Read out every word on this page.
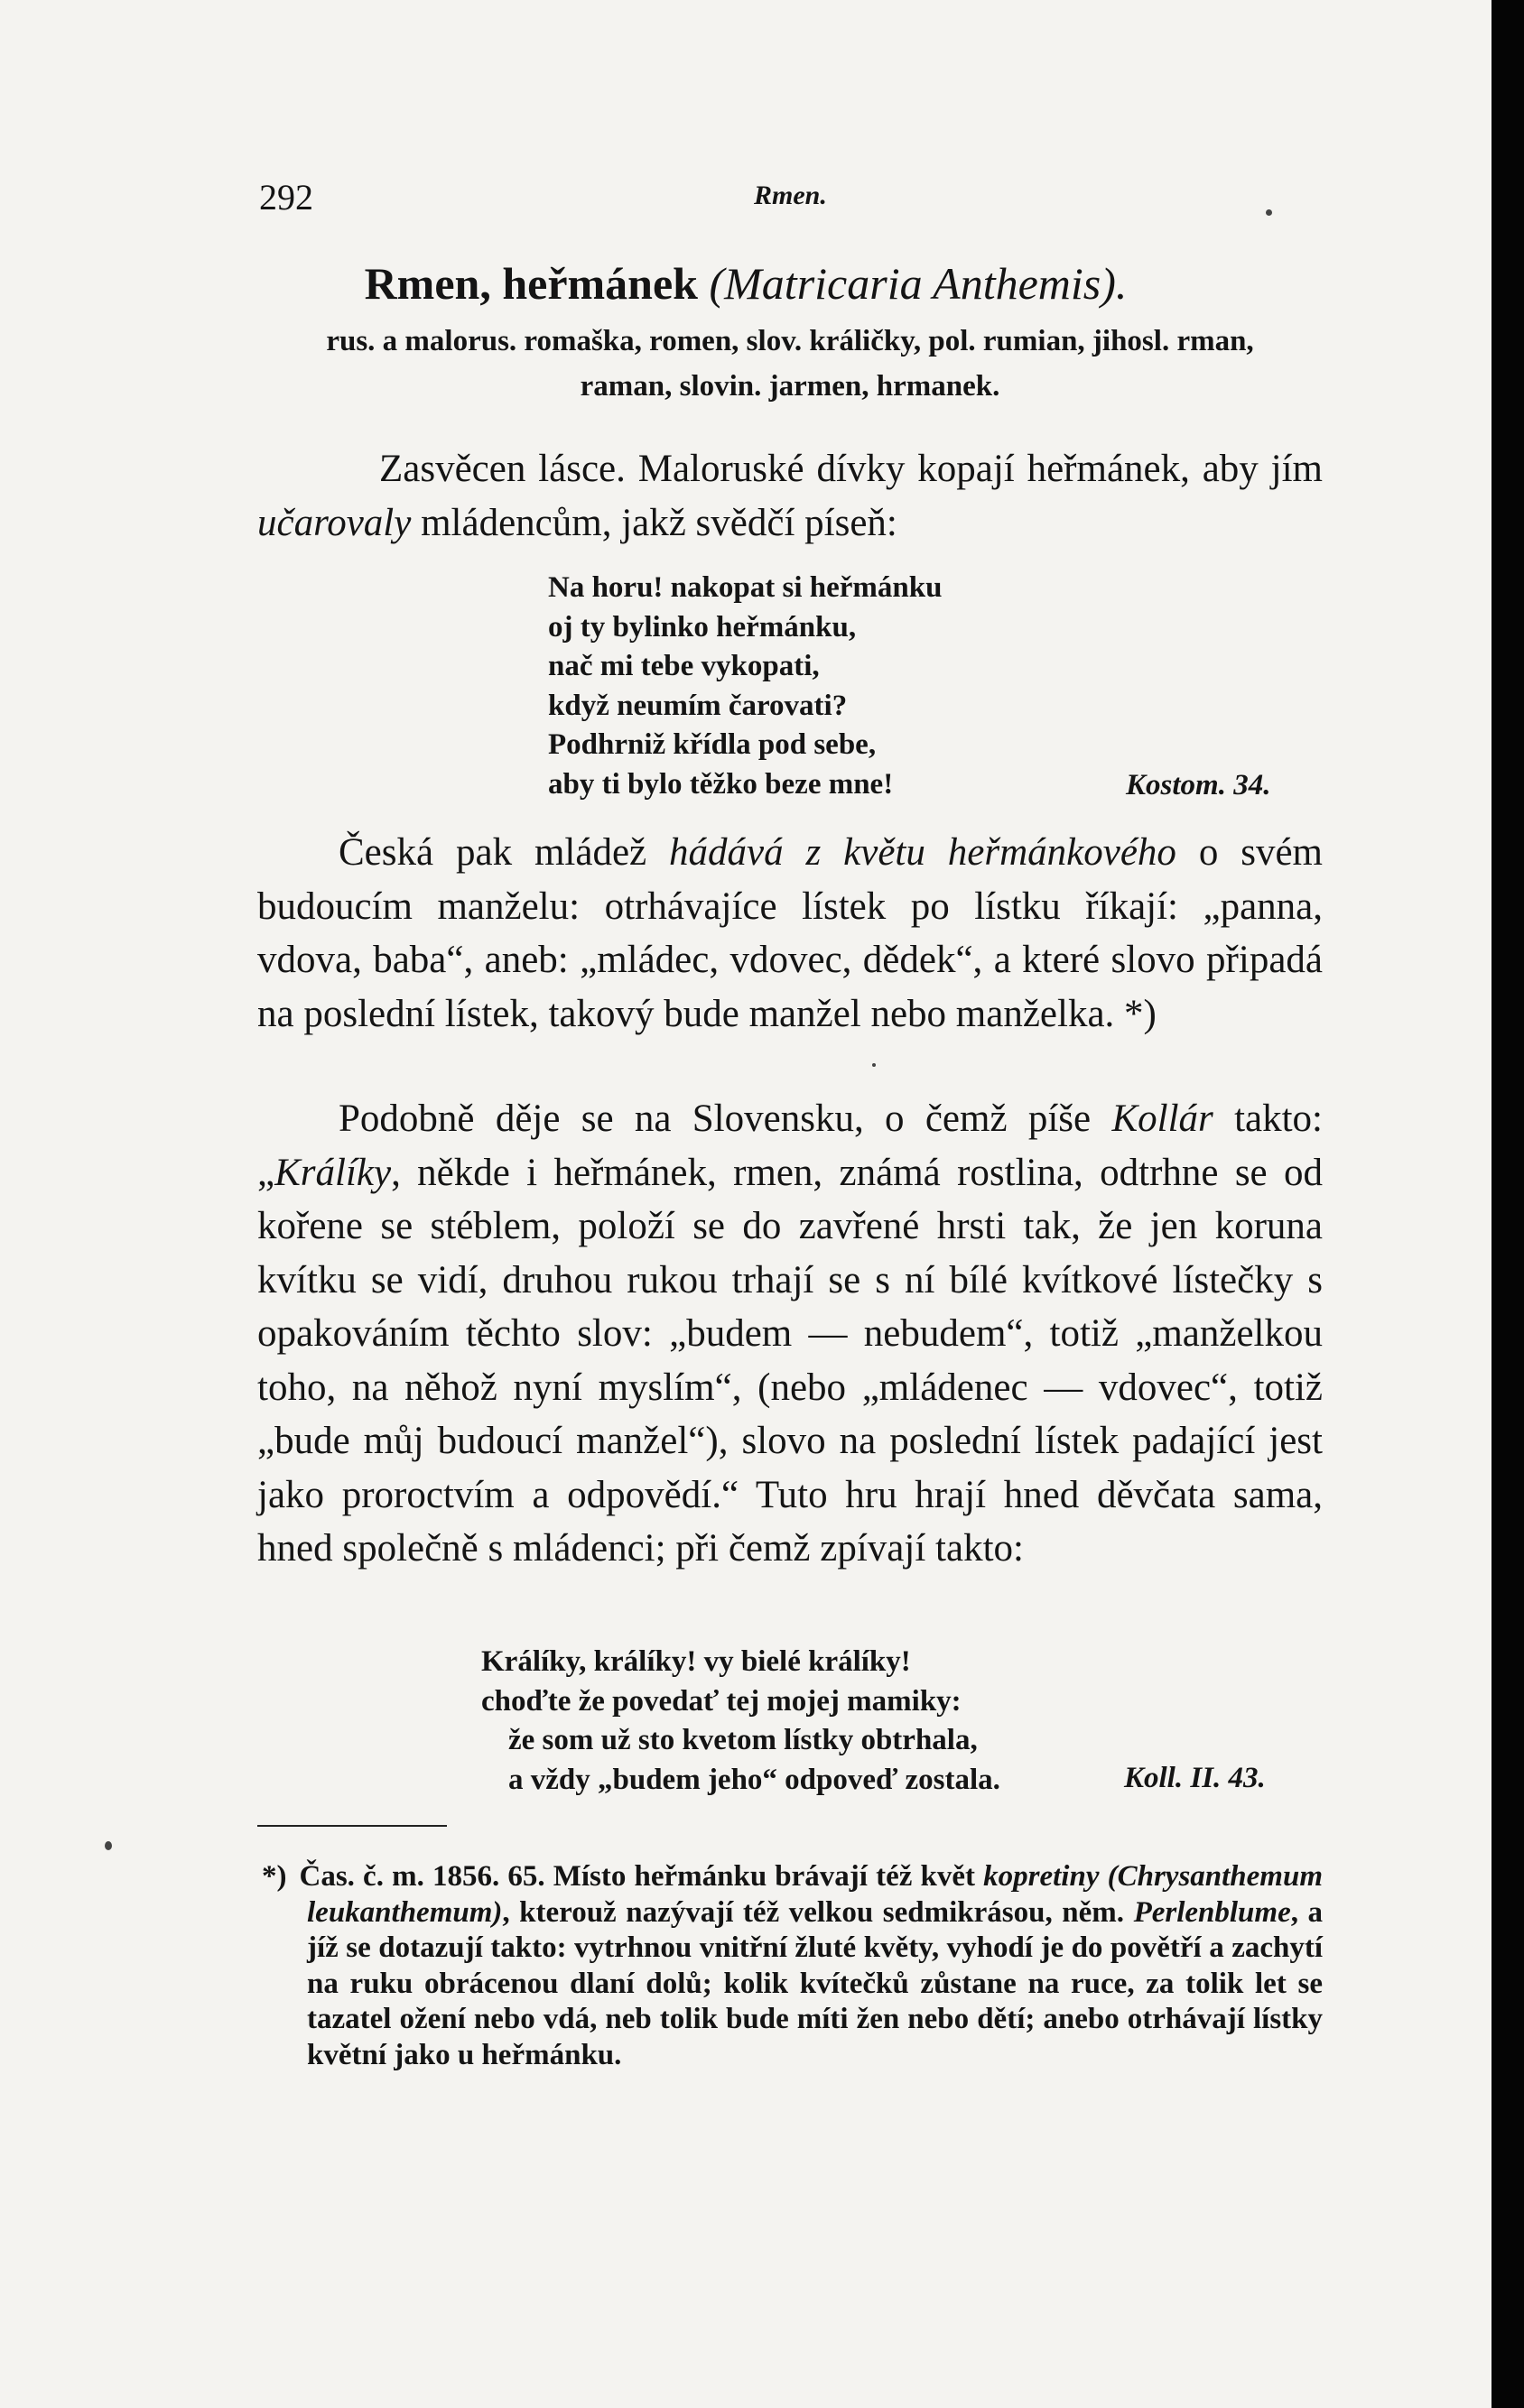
292	Rmen.
Rmen, heřmánek (Matricaria Anthemis).
rus. a malorus. romaška, romen, slov. králičky, pol. rumian, jihosl. rman,
raman, slovin. jarmen, hrmanek.

Zasvěcen lásce. Maloruské dívky kopají heřmánek, aby jím učarovaly mládencům, jakž svědčí píseň:

Na horu! nakopat si heřmánku
oj ty bylinko heřmánku,
nač mi tebe vykopati,
když neumím čarovati?
Podhrniž křídla pod sebe,
aby ti bylo těžko beze mne!	Kostom. 34.

Česká pak mládež hádává z květu heřmánkového o svém budoucím manželu: otrhávajíce lístek po lístku říkají: „panna, vdova, baba“, aneb: „mládec, vdovec, dědek“, a které slovo připadá na poslední lístek, takový bude manžel nebo manželka. *)

Podobně děje se na Slovensku, o čemž píše Kollár takto: „Králíky, někde i heřmánek, rmen, známá rostlina, odtrhne se od kořene se stéblem, položí se do zavřené hrsti tak, že jen koruna kvítku se vidí, druhou rukou trhají se s ní bílé kvítkové lístečky s opakováním těchto slov: „budem — nebudem“, totiž „manželkou toho, na něhož nyní myslím“, (nebo „mládenec — vdovec“, totiž „bude můj budoucí manžel“), slovo na poslední lístek padající jest jako proroctvím a odpovědí.“ Tuto hru hrají hned děvčata sama, hned společně s mládenci; při čemž zpívají takto:

Králíky, králíky! vy bielé králíky!
choďte že povedať tej mojej mamiky:
že som už sto kvetom lístky obtrhala,
a vždy „budem jeho“ odpoveď zostala.	Koll. II. 43.

*) Čas. č. m. 1856. 65. Místo heřmánku brávají též květ kopretiny (Chrysanthemum leukanthemum), kterouž nazývají též velkou sedmikrásou, něm. Perlenblume, a jíž se dotazují takto: vytrhnou vnitřní žluté květy, vyhodí je do povětří a zachytí na ruku obrácenou dlaní dolů; kolik kvítečků zůstane na ruce, za tolik let se tazatel ožení nebo vdá, neb tolik bude míti žen nebo dětí; anebo otrhávají lístky květní jako u heřmánku.
